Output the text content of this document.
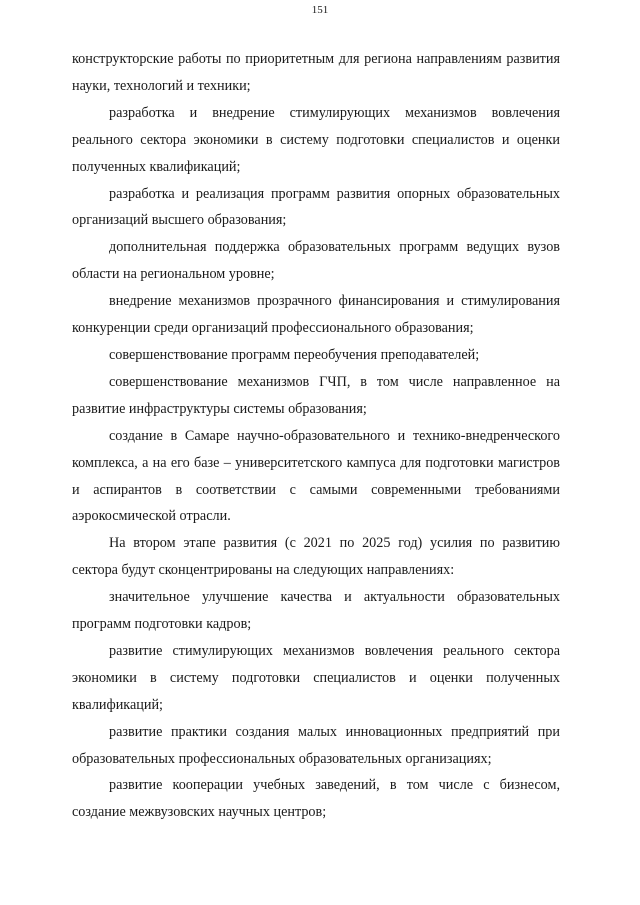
151

конструкторские работы по приоритетным для региона направлениям развития науки, технологий и техники;

разработка и внедрение стимулирующих механизмов вовлечения реального сектора экономики в систему подготовки специалистов и оценки полученных квалификаций;

разработка и реализация программ развития опорных образовательных организаций высшего образования;

дополнительная поддержка образовательных программ ведущих вузов области на региональном уровне;

внедрение механизмов прозрачного финансирования и стимулирования конкуренции среди организаций профессионального образования;

совершенствование программ переобучения преподавателей;

совершенствование механизмов ГЧП, в том числе направленное на развитие инфраструктуры системы образования;

создание в Самаре научно-образовательного и технико-внедренческого комплекса, а на его базе – университетского кампуса для подготовки магистров и аспирантов в соответствии с самыми современными требованиями аэрокосмической отрасли.

На втором этапе развития (с 2021 по 2025 год) усилия по развитию сектора будут сконцентрированы на следующих направлениях:

значительное улучшение качества и актуальности образовательных программ подготовки кадров;

развитие стимулирующих механизмов вовлечения реального сектора экономики в систему подготовки специалистов и оценки полученных квалификаций;

развитие практики создания малых инновационных предприятий при образовательных профессиональных образовательных организациях;

развитие кооперации учебных заведений, в том числе с бизнесом, создание межвузовских научных центров;
